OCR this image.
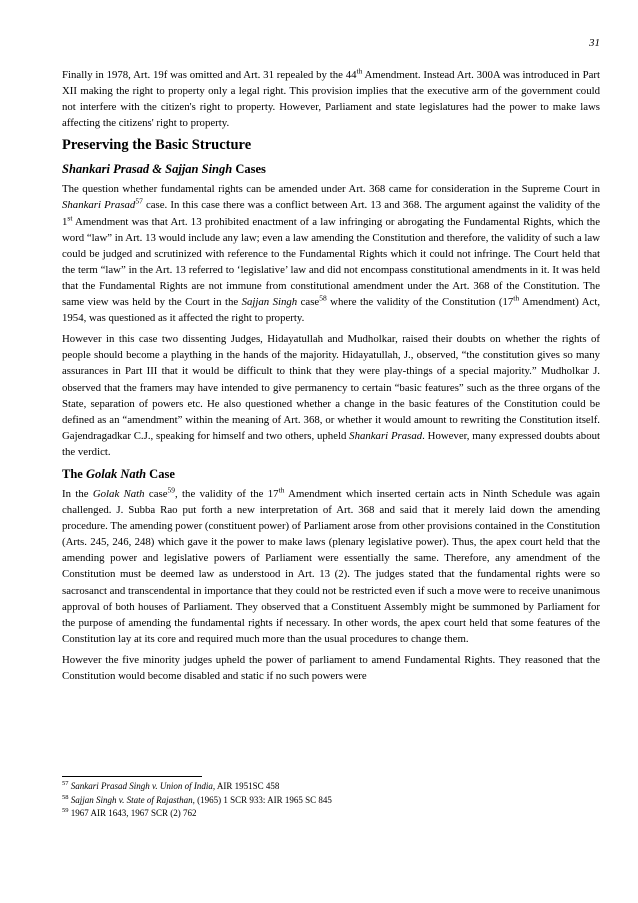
31

Finally in 1978, Art. 19f was omitted and Art. 31 repealed by the 44th Amendment. Instead Art. 300A was introduced in Part XII making the right to property only a legal right. This provision implies that the executive arm of the government could not interfere with the citizen's right to property. However, Parliament and state legislatures had the power to make laws affecting the citizens' right to property.

Preserving the Basic Structure
Shankari Prasad & Sajjan Singh Cases

The question whether fundamental rights can be amended under Art. 368 came for consideration in the Supreme Court in Shankari Prasad$^{57}$ case. In this case there was a conflict between Art. 13 and 368. The argument against the validity of the 1st Amendment was that Art. 13 prohibited enactment of a law infringing or abrogating the Fundamental Rights, which the word “law” in Art. 13 would include any law; even a law amending the Constitution and therefore, the validity of such a law could be judged and scrutinized with reference to the Fundamental Rights which it could not infringe. The Court held that the term “law” in the Art. 13 referred to ‘legislative’ law and did not encompass constitutional amendments in it. It was held that the Fundamental Rights are not immune from constitutional amendment under the Art. 368 of the Constitution. The same view was held by the Court in the Sajjan Singh case$^{58}$ where the validity of the Constitution (17th Amendment) Act, 1954, was questioned as it affected the right to property.

However in this case two dissenting Judges, Hidayatullah and Mudholkar, raised their doubts on whether the rights of people should become a plaything in the hands of the majority. Hidayatullah, J., observed, “the constitution gives so many assurances in Part III that it would be difficult to think that they were play-things of a special majority.” Mudholkar J. observed that the framers may have intended to give permanency to certain “basic features” such as the three organs of the State, separation of powers etc. He also questioned whether a change in the basic features of the Constitution could be defined as an “amendment” within the meaning of Art. 368, or whether it would amount to rewriting the Constitution itself. Gajendragadkar C.J., speaking for himself and two others, upheld Shankari Prasad. However, many expressed doubts about the verdict.

The Golak Nath Case

In the Golak Nath case$^{59}$, the validity of the 17th Amendment which inserted certain acts in Ninth Schedule was again challenged. J. Subba Rao put forth a new interpretation of Art. 368 and said that it merely laid down the amending procedure. The amending power (constituent power) of Parliament arose from other provisions contained in the Constitution (Arts. 245, 246, 248) which gave it the power to make laws (plenary legislative power). Thus, the apex court held that the amending power and legislative powers of Parliament were essentially the same. Therefore, any amendment of the Constitution must be deemed law as understood in Art. 13 (2). The judges stated that the fundamental rights were so sacrosanct and transcendental in importance that they could not be restricted even if such a move were to receive unanimous approval of both houses of Parliament. They observed that a Constituent Assembly might be summoned by Parliament for the purpose of amending the fundamental rights if necessary. In other words, the apex court held that some features of the Constitution lay at its core and required much more than the usual procedures to change them.

However the five minority judges upheld the power of parliament to amend Fundamental Rights. They reasoned that the Constitution would become disabled and static if no such powers were

$^{57}$ Sankari Prasad Singh v. Union of India, AIR 1951SC 458
$^{58}$ Sajjan Singh v. State of Rajasthan, (1965) 1 SCR 933: AIR 1965 SC 845
$^{59}$ 1967 AIR 1643, 1967 SCR (2) 762
